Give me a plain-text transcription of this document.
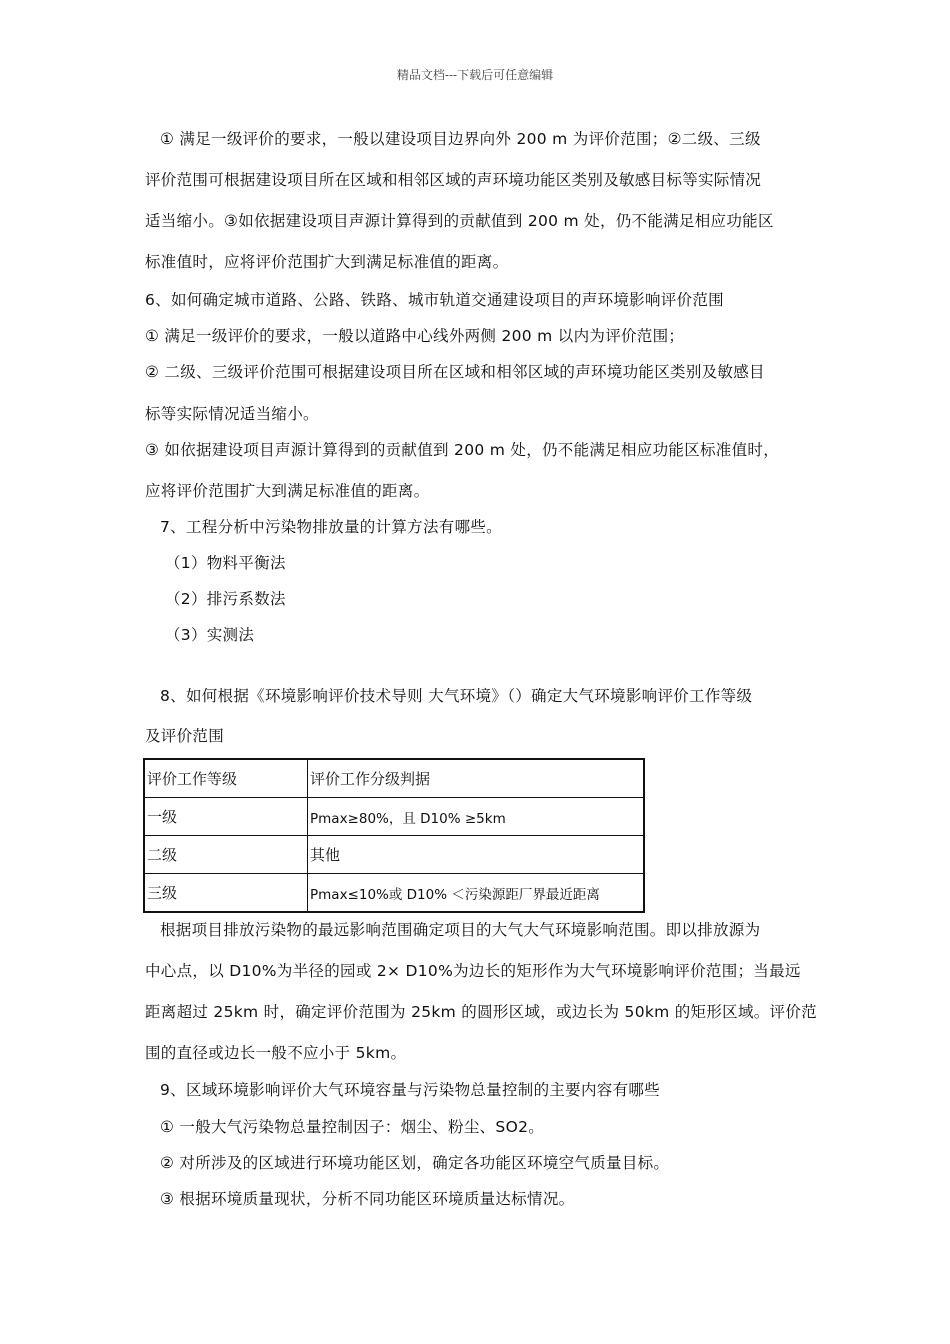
精品文档---下载后可任意编辑
① 满足一级评价的要求，一般以建设项目边界向外 200 m 为评价范围；②二级、三级
评价范围可根据建设项目所在区域和相邻区域的声环境功能区类别及敏感目标等实际情况
适当缩小。③如依据建设项目声源计算得到的贡献值到 200 m 处，仍不能满足相应功能区
标准值时，应将评价范围扩大到满足标准值的距离。
6、如何确定城市道路、公路、铁路、城市轨道交通建设项目的声环境影响评价范围
① 满足一级评价的要求，一般以道路中心线外两侧 200 m 以内为评价范围；
② 二级、三级评价范围可根据建设项目所在区域和相邻区域的声环境功能区类别及敏感目
标等实际情况适当缩小。
③ 如依据建设项目声源计算得到的贡献值到 200 m 处，仍不能满足相应功能区标准值时，
应将评价范围扩大到满足标准值的距离。
7、工程分析中污染物排放量的计算方法有哪些。
（1）物料平衡法
（2）排污系数法
（3）实测法
8、如何根据《环境影响评价技术导则 大气环境》（）确定大气环境影响评价工作等级
及评价范围
评价工作等级	评价工作分级判据
一级	Pmax≥80%，且 D10% ≥5km
二级	其他
三级	Pmax≤10%或 D10% ＜污染源距厂界最近距离
根据项目排放污染物的最远影响范围确定项目的大气大气环境影响范围。即以排放源为
中心点，以 D10%为半径的园或 2× D10%为边长的矩形作为大气环境影响评价范围；当最远
距离超过 25km 时，确定评价范围为 25km 的圆形区域，或边长为 50km 的矩形区域。评价范
围的直径或边长一般不应小于 5km。
9、区域环境影响评价大气环境容量与污染物总量控制的主要内容有哪些
① 一般大气污染物总量控制因子：烟尘、粉尘、SO2。
② 对所涉及的区域进行环境功能区划，确定各功能区环境空气质量目标。
③ 根据环境质量现状，分析不同功能区环境质量达标情况。
